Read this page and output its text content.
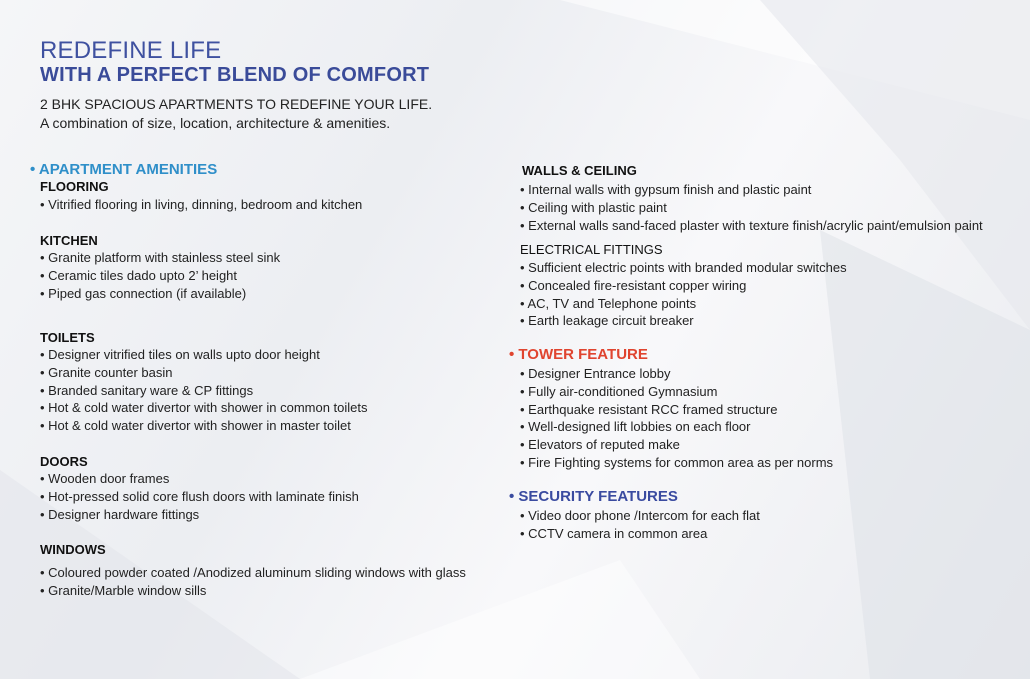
REDEFINE LIFE
WITH A PERFECT BLEND OF COMFORT
2 BHK SPACIOUS APARTMENTS TO REDEFINE YOUR LIFE.
A combination of size, location, architecture & amenities.
• APARTMENT AMENITIES
FLOORING
• Vitrified flooring in living, dinning, bedroom and kitchen
KITCHEN
• Granite platform with stainless steel sink
• Ceramic tiles dado upto 2’ height
• Piped gas connection (if available)
TOILETS
• Designer vitrified tiles on walls upto door height
• Granite counter basin
• Branded sanitary ware & CP fittings
• Hot & cold water divertor with shower in common toilets
• Hot & cold water divertor with shower in master toilet
DOORS
• Wooden door frames
• Hot-pressed solid core flush doors with laminate finish
• Designer hardware fittings
WINDOWS
• Coloured powder coated /Anodized aluminum sliding windows with glass
• Granite/Marble window sills
WALLS & CEILING
• Internal walls with gypsum finish and plastic paint
• Ceiling with plastic paint
• External walls sand-faced plaster with texture finish/acrylic paint/emulsion paint
ELECTRICAL FITTINGS
• Sufficient electric points with branded modular switches
• Concealed fire-resistant copper wiring
• AC, TV and Telephone points
• Earth leakage circuit breaker
• TOWER FEATURE
• Designer Entrance lobby
• Fully air-conditioned Gymnasium
• Earthquake resistant RCC framed structure
• Well-designed lift lobbies on each floor
• Elevators of reputed make
• Fire Fighting systems for common area as per norms
• SECURITY FEATURES
• Video door phone /Intercom for each flat
• CCTV camera in common area
